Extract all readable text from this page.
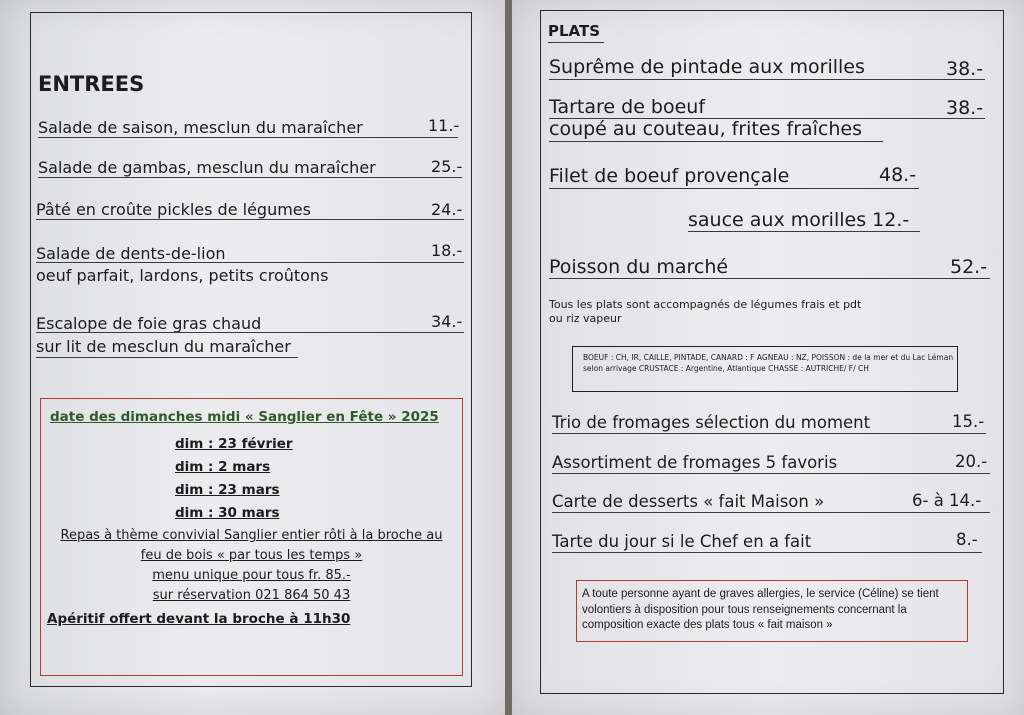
ENTREES
Salade de saison, mesclun du maraîcher	11.-
Salade de gambas, mesclun du maraîcher	25.-
Pâté en croûte pickles de légumes	24.-
Salade de dents-de-lion	18.-
oeuf parfait, lardons, petits croûtons
Escalope de foie gras chaud	34.-
sur lit de mesclun du maraîcher
date des dimanches midi « Sanglier en Fête » 2025
dim : 23 février
dim : 2 mars
dim : 23 mars
dim : 30 mars
Repas à thème convivial Sanglier entier rôti à la broche au
feu de bois « par tous les temps »
menu unique pour tous fr. 85.-
sur réservation 021 864 50 43
Apéritif offert devant la broche à 11h30
PLATS
Suprême de pintade aux morilles	38.-
Tartare de boeuf	38.-
coupé au couteau, frites fraîches
Filet de boeuf provençale	48.-
sauce aux morilles 12.-
Poisson du marché	52.-
Tous les plats sont accompagnés de légumes frais et pdt ou riz vapeur
BOEUF : CH, IR, CAILLE, PINTADE, CANARD : F AGNEAU : NZ, POISSON : de la mer et du Lac Léman selon arrivage CRUSTACE : Argentine, Atlantique CHASSE : AUTRICHE/ F/ CH
Trio de fromages sélection du moment	15.-
Assortiment de fromages 5 favoris	20.-
Carte de desserts « fait Maison »	6- à 14.-
Tarte du jour si le Chef en a fait	8.-
A toute personne ayant de graves allergies, le service (Céline) se tient volontiers à disposition pour tous renseignements concernant la composition exacte des plats tous « fait maison »
